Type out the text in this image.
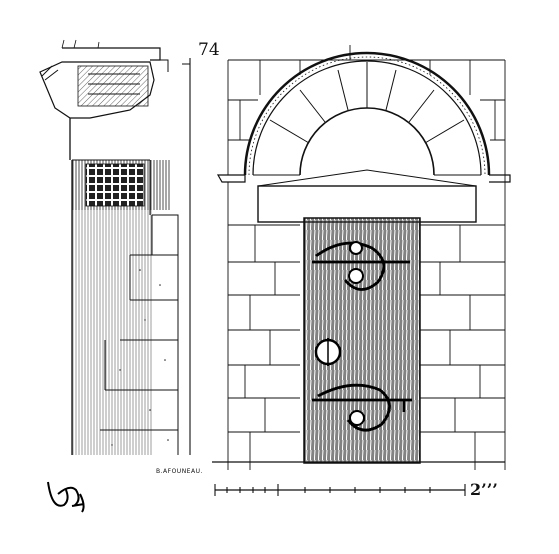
74
B.AFOUNEAU.
2’’’
